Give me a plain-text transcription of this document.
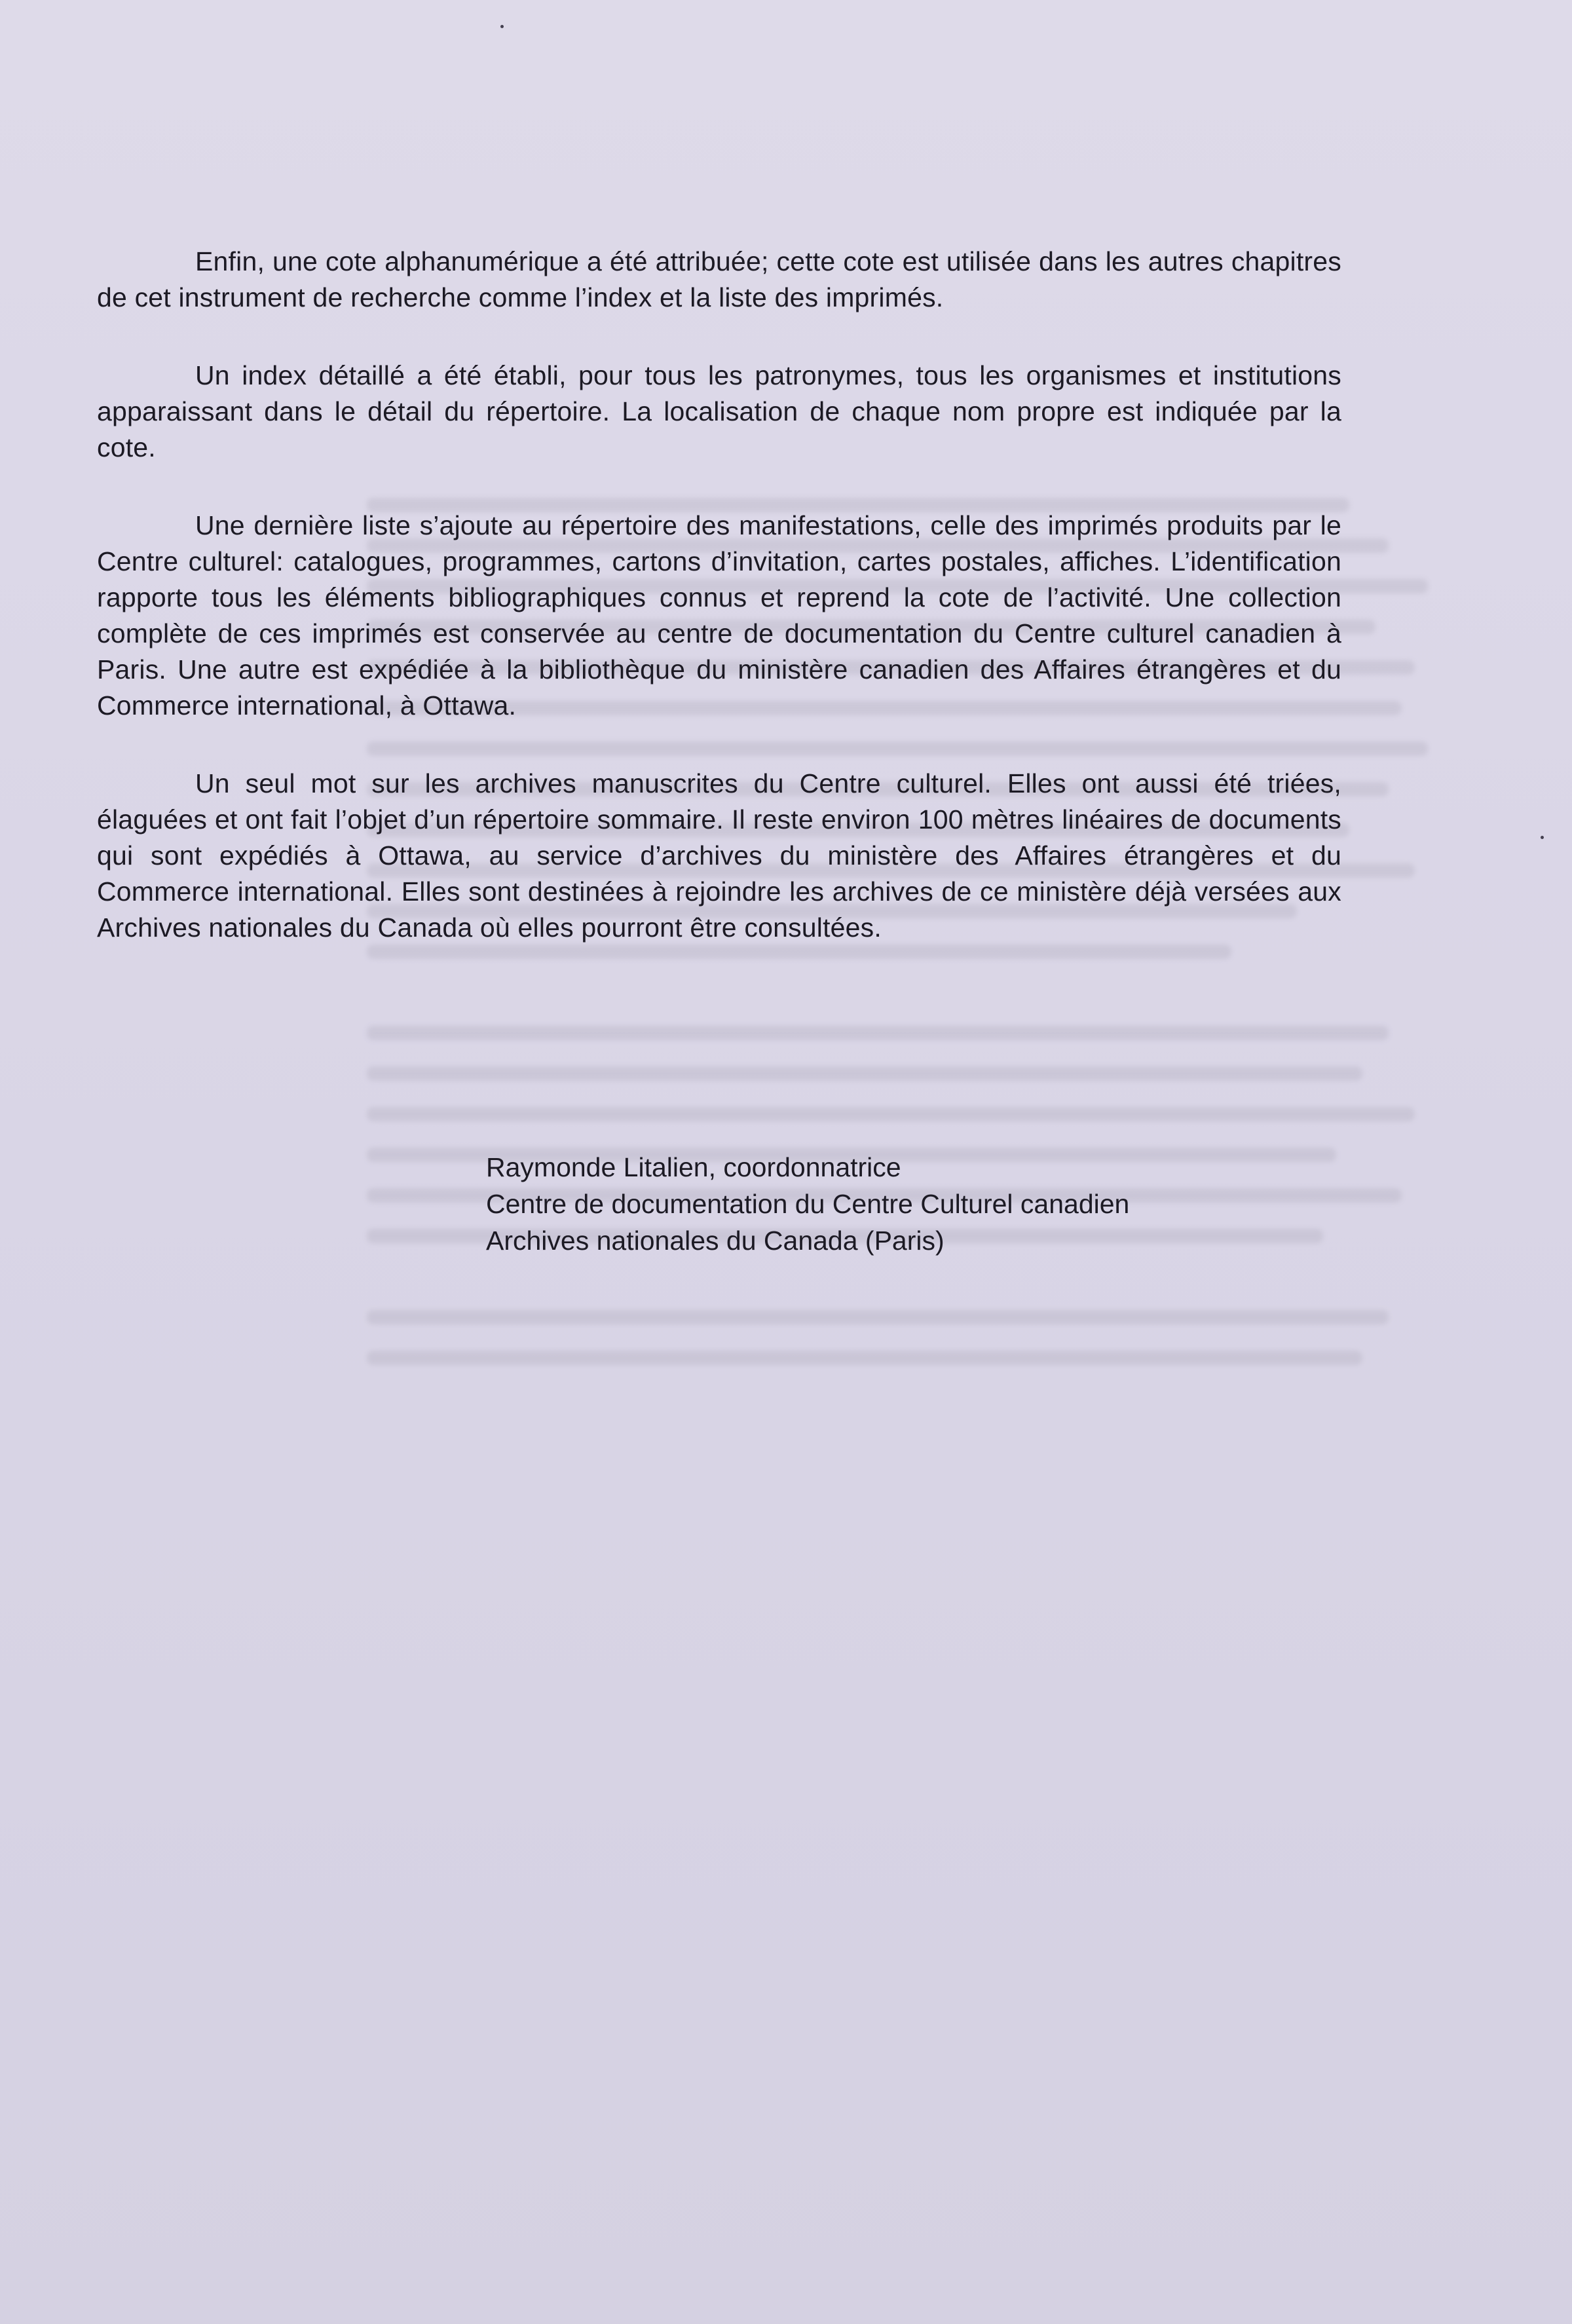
Enfin, une cote alphanumérique a été attribuée; cette cote est utilisée dans les autres chapitres de cet instrument de recherche comme l’index et la liste des imprimés.

Un index détaillé a été établi, pour tous les patronymes, tous les organismes et institutions apparaissant dans le détail du répertoire. La localisation de chaque nom propre est indiquée par la cote.

Une dernière liste s’ajoute au répertoire des manifestations, celle des imprimés produits par le Centre culturel: catalogues, programmes, cartons d’invitation, cartes postales, affiches. L’identification rapporte tous les éléments bibliographiques connus et reprend la cote de l’activité. Une collection complète de ces imprimés est conservée au centre de documentation du Centre culturel canadien à Paris. Une autre est expédiée à la bibliothèque du ministère canadien des Affaires étrangères et du Commerce international, à Ottawa.

Un seul mot sur les archives manuscrites du Centre culturel. Elles ont aussi été triées, élaguées et ont fait l’objet d’un répertoire sommaire. Il reste environ 100 mètres linéaires de documents qui sont expédiés à Ottawa, au service d’archives du ministère des Affaires étrangères et du Commerce international. Elles sont destinées à rejoindre les archives de ce ministère déjà versées aux Archives nationales du Canada où elles pourront être consultées.

Raymonde Litalien, coordonnatrice
Centre de documentation du Centre Culturel canadien
Archives nationales du Canada (Paris)
